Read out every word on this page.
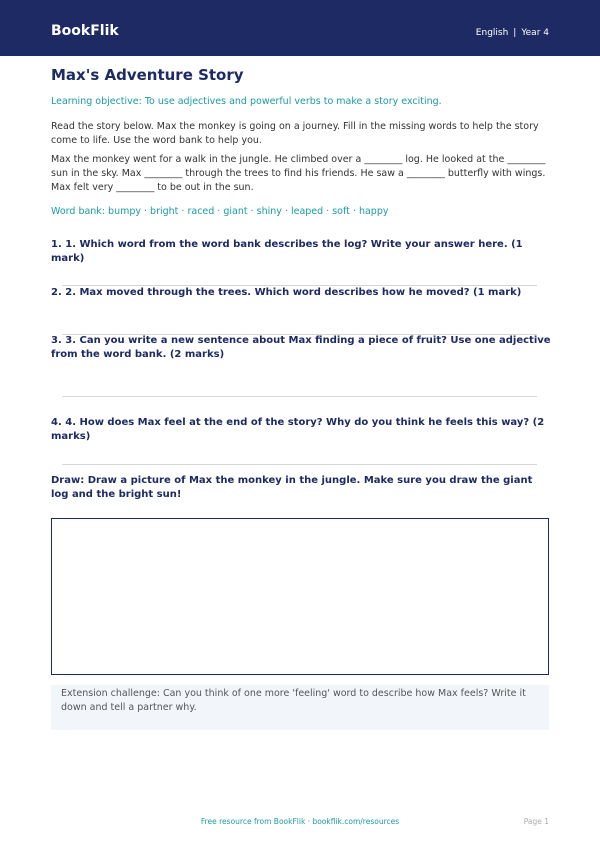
BookFlik	English | Year 4
Max's Adventure Story
Learning objective: To use adjectives and powerful verbs to make a story exciting.
Read the story below. Max the monkey is going on a journey. Fill in the missing words to help the story come to life. Use the word bank to help you.
Max the monkey went for a walk in the jungle. He climbed over a ________ log. He looked at the ________ sun in the sky. Max ________ through the trees to find his friends. He saw a ________ butterfly with wings. Max felt very ________ to be out in the sun.
Word bank: bumpy · bright · raced · giant · shiny · leaped · soft · happy
1. 1. Which word from the word bank describes the log? Write your answer here. (1 mark)
2. 2. Max moved through the trees. Which word describes how he moved? (1 mark)
3. 3. Can you write a new sentence about Max finding a piece of fruit? Use one adjective from the word bank. (2 marks)
4. 4. How does Max feel at the end of the story? Why do you think he feels this way? (2 marks)
Draw: Draw a picture of Max the monkey in the jungle. Make sure you draw the giant log and the bright sun!
Extension challenge: Can you think of one more 'feeling' word to describe how Max feels? Write it down and tell a partner why.
Free resource from BookFlik · bookflik.com/resources	Page 1
